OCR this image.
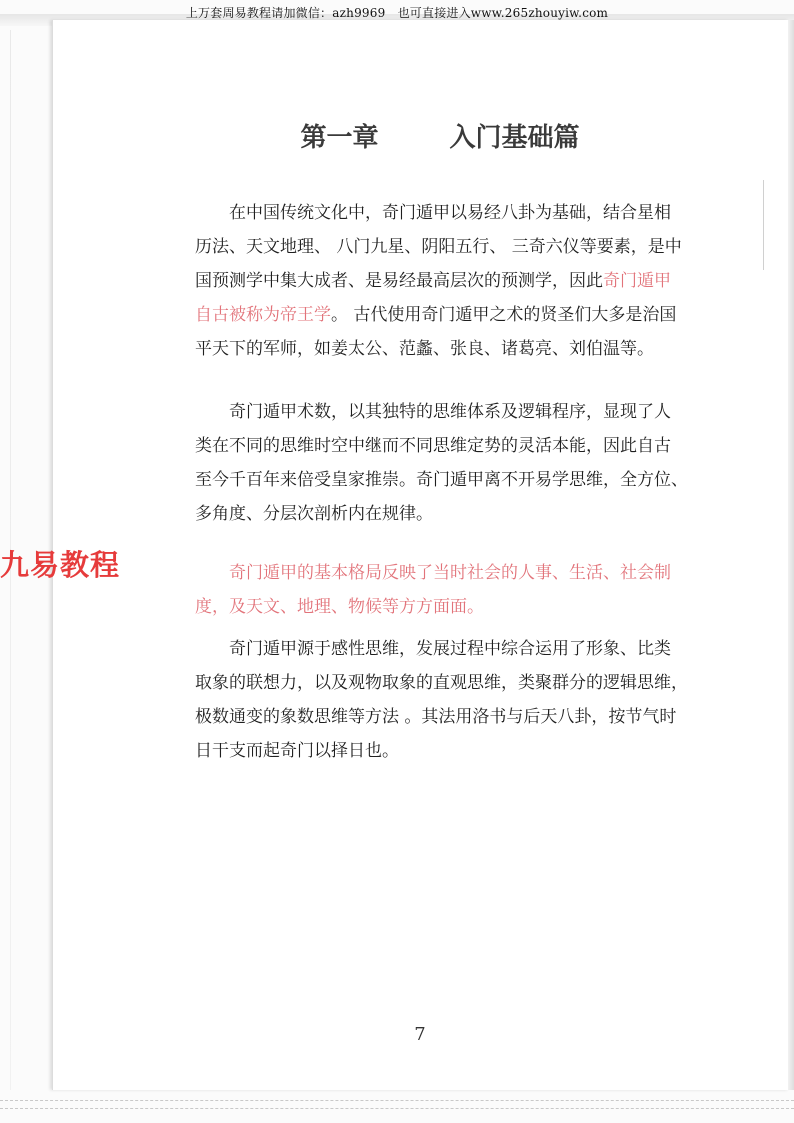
上万套周易教程请加微信：azh9969　也可直接进入www.265zhouyiw.com
第一章　 入门基础篇
在中国传统文化中，奇门遁甲以易经八卦为基础，结合星相
历法、天文地理、 八门九星、阴阳五行、 三奇六仪等要素，是中
国预测学中集大成者、是易经最高层次的预测学，因此奇门遁甲
自古被称为帝王学。 古代使用奇门遁甲之术的贤圣们大多是治国
平天下的军师，如姜太公、范蠡、张良、诸葛亮、刘伯温等。
奇门遁甲术数，以其独特的思维体系及逻辑程序，显现了人
类在不同的思维时空中继而不同思维定势的灵活本能，因此自古
至今千百年来倍受皇家推崇。奇门遁甲离不开易学思维，全方位、
多角度、分层次剖析内在规律。
奇门遁甲的基本格局反映了当时社会的人事、生活、社会制
度，及天文、地理、物候等方方面面。
奇门遁甲源于感性思维，发展过程中综合运用了形象、比类
取象的联想力，以及观物取象的直观思维，类聚群分的逻辑思维，
极数通变的象数思维等方法 。其法用洛书与后天八卦，按节气时
日干支而起奇门以择日也。
九易教程
7
